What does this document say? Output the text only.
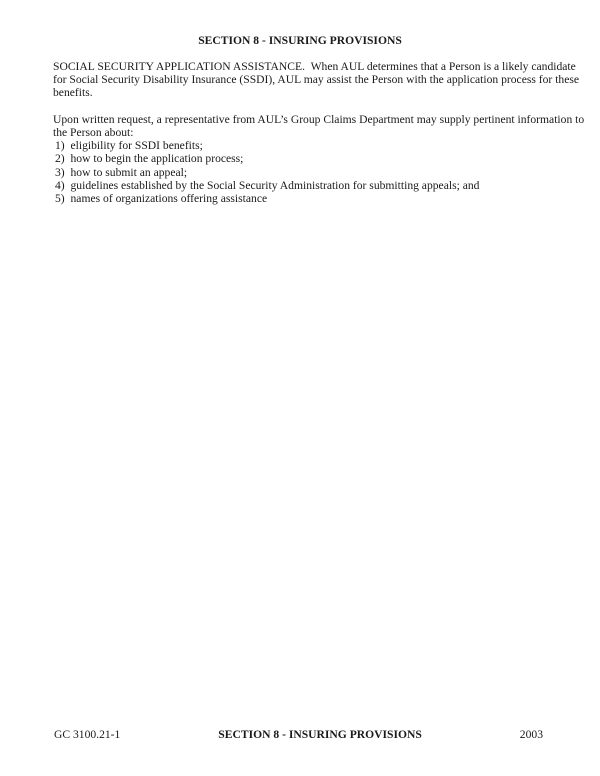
SECTION 8 - INSURING PROVISIONS

SOCIAL SECURITY APPLICATION ASSISTANCE.  When AUL determines that a Person is a likely candidate for Social Security Disability Insurance (SSDI), AUL may assist the Person with the application process for these benefits.

Upon written request, a representative from AUL’s Group Claims Department may supply pertinent information to the Person about:

1) eligibility for SSDI benefits;
2) how to begin the application process;
3) how to submit an appeal;
4) guidelines established by the Social Security Administration for submitting appeals; and
5) names of organizations offering assistance
GC 3100.21-1	SECTION 8 - INSURING PROVISIONS	2003
